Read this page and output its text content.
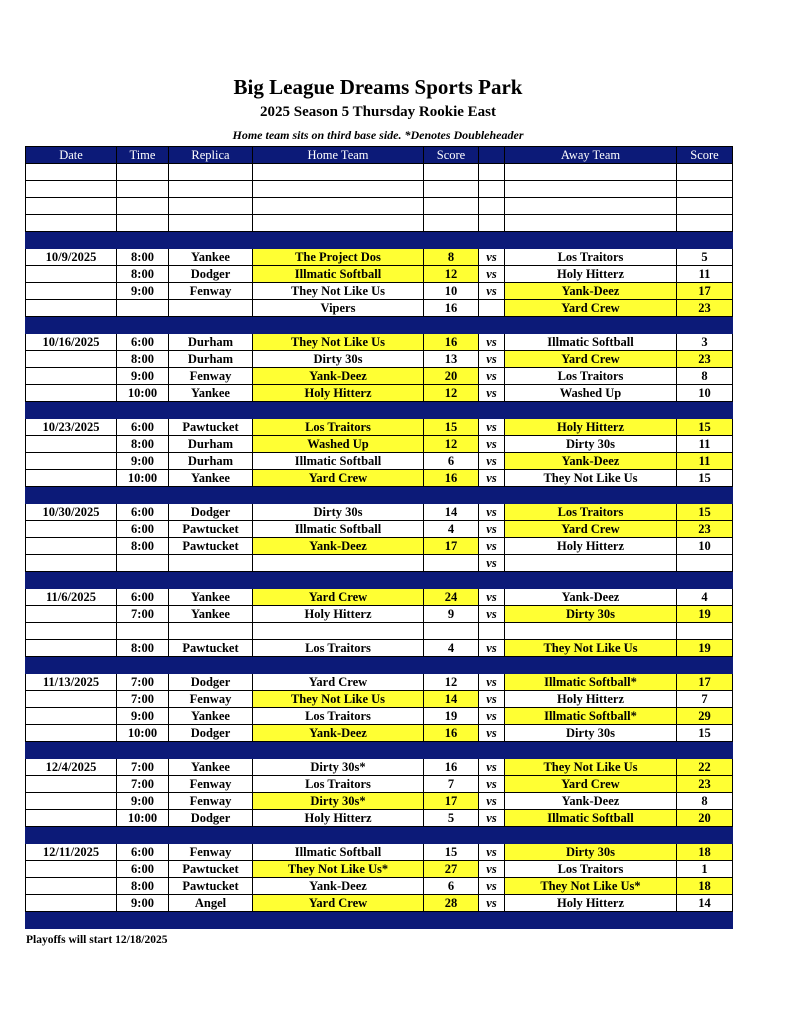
Big League Dreams Sports Park
2025 Season 5 Thursday Rookie East
Home team sits on third base side. *Denotes Doubleheader
Date	Time	Replica	Home Team	Score		Away Team	Score

10/9/2025	8:00	Yankee	The Project Dos	8	vs	Los Traitors	5
	8:00	Dodger	Illmatic Softball	12	vs	Holy Hitterz	11
	9:00	Fenway	They Not Like Us	10	vs	Yank-Deez	17
			Vipers	16		Yard Crew	23

10/16/2025	6:00	Durham	They Not Like Us	16	vs	Illmatic Softball	3
	8:00	Durham	Dirty 30s	13	vs	Yard Crew	23
	9:00	Fenway	Yank-Deez	20	vs	Los Traitors	8
	10:00	Yankee	Holy Hitterz	12	vs	Washed Up	10

10/23/2025	6:00	Pawtucket	Los Traitors	15	vs	Holy Hitterz	15
	8:00	Durham	Washed Up	12	vs	Dirty 30s	11
	9:00	Durham	Illmatic Softball	6	vs	Yank-Deez	11
	10:00	Yankee	Yard Crew	16	vs	They Not Like Us	15

10/30/2025	6:00	Dodger	Dirty 30s	14	vs	Los Traitors	15
	6:00	Pawtucket	Illmatic Softball	4	vs	Yard Crew	23
	8:00	Pawtucket	Yank-Deez	17	vs	Holy Hitterz	10
					vs		

11/6/2025	6:00	Yankee	Yard Crew	24	vs	Yank-Deez	4
	7:00	Yankee	Holy Hitterz	9	vs	Dirty 30s	19

	8:00	Pawtucket	Los Traitors	4	vs	They Not Like Us	19

11/13/2025	7:00	Dodger	Yard Crew	12	vs	Illmatic Softball*	17
	7:00	Fenway	They Not Like Us	14	vs	Holy Hitterz	7
	9:00	Yankee	Los Traitors	19	vs	Illmatic Softball*	29
	10:00	Dodger	Yank-Deez	16	vs	Dirty 30s	15

12/4/2025	7:00	Yankee	Dirty 30s*	16	vs	They Not Like Us	22
	7:00	Fenway	Los Traitors	7	vs	Yard Crew	23
	9:00	Fenway	Dirty 30s*	17	vs	Yank-Deez	8
	10:00	Dodger	Holy Hitterz	5	vs	Illmatic Softball	20

12/11/2025	6:00	Fenway	Illmatic Softball	15	vs	Dirty 30s	18
	6:00	Pawtucket	They Not Like Us*	27	vs	Los Traitors	1
	8:00	Pawtucket	Yank-Deez	6	vs	They Not Like Us*	18
	9:00	Angel	Yard Crew	28	vs	Holy Hitterz	14

Playoffs will start 12/18/2025
